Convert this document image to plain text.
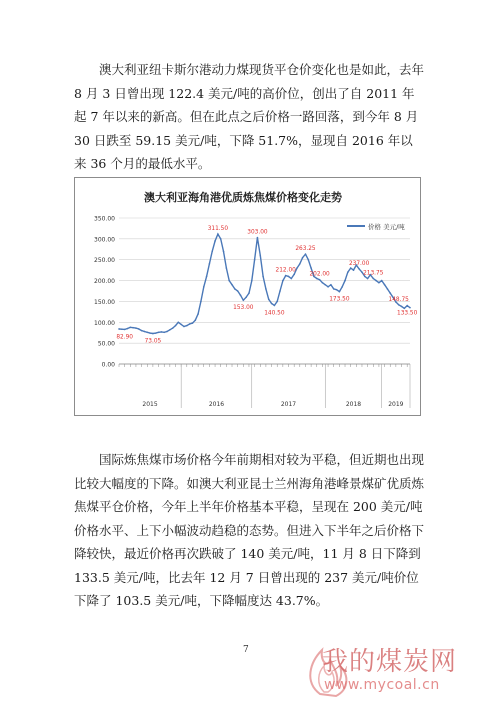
澳大利亚纽卡斯尔港动力煤现货平仓价变化也是如此，去年 8 月 3 日曾出现 122.4 美元/吨的高价位，创出了自 2011 年起 7 年以来的新高。但在此点之后价格一路回落，到今年 8 月 30 日跌至 59.15 美元/吨，下降 51.7%，显现自 2016 年以来 36 个月的最低水平。

澳大利亚海角港优质炼焦煤价格变化走势
价格 美元/吨
0.00
50.00
100.00
150.00
200.00
250.00
300.00
350.00
2015	2016	2017	2018	2019
82.90
73.05
311.50
153.00
303.00
140.50
212.00
263.25
202.00
173.50
237.00
213.75
148.75
133.50

国际炼焦煤市场价格今年前期相对较为平稳，但近期也出现比较大幅度的下降。如澳大利亚昆士兰州海角港峰景煤矿优质炼焦煤平仓价格，今年上半年价格基本平稳，呈现在 200 美元/吨价格水平、上下小幅波动趋稳的态势。但进入下半年之后价格下降较快，最近价格再次跌破了 140 美元/吨，11 月 8 日下降到 133.5 美元/吨，比去年 12 月 7 日曾出现的 237 美元/吨价位下降了 103.5 美元/吨，下降幅度达 43.7%。

7	我的煤炭网
www.mycoal.cn
